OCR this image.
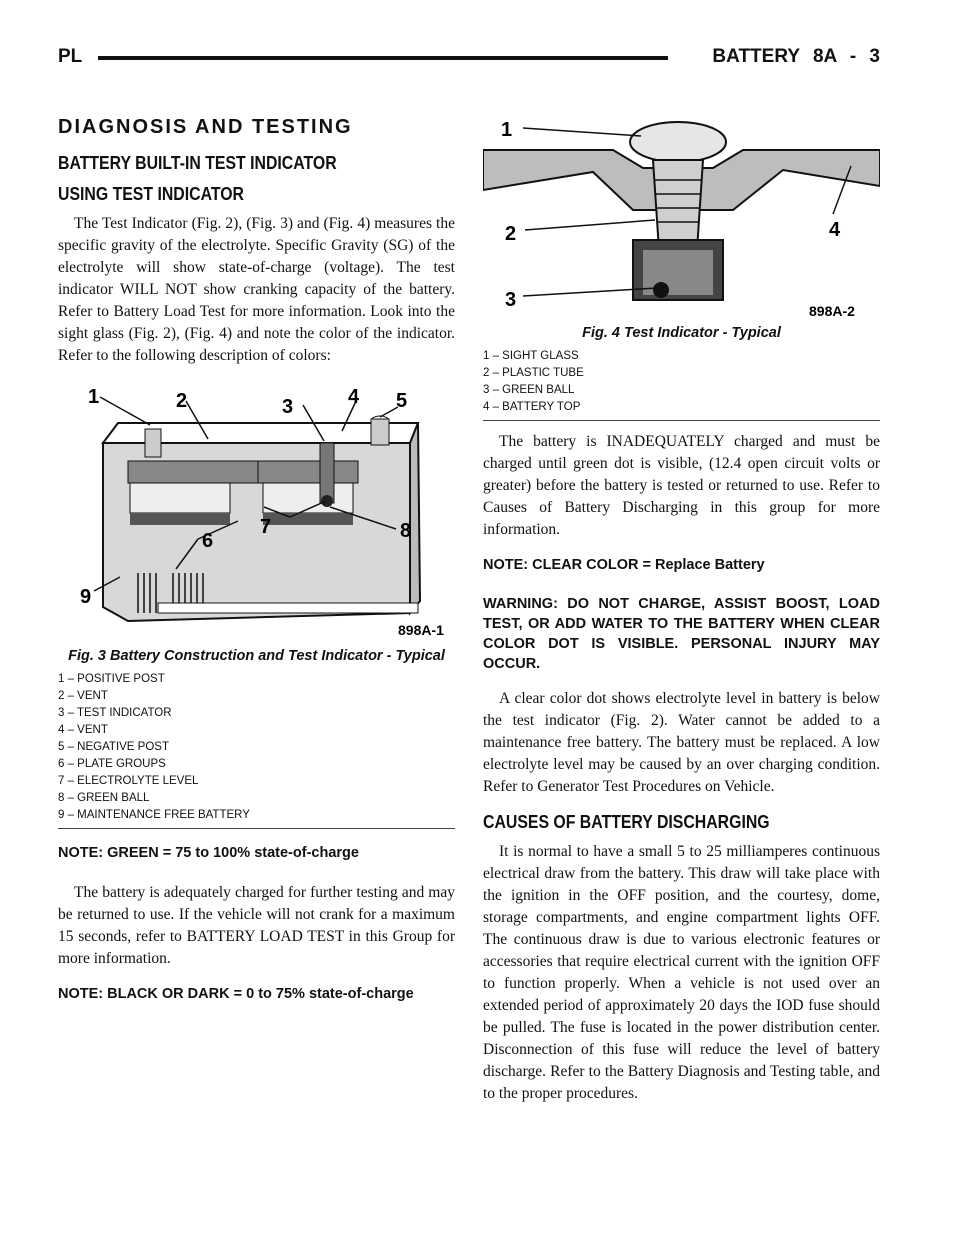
PL	BATTERY 8A - 3
DIAGNOSIS AND TESTING
BATTERY BUILT-IN TEST INDICATOR
USING TEST INDICATOR

The Test Indicator (Fig. 2), (Fig. 3) and (Fig. 4) measures the specific gravity of the electrolyte. Specific Gravity (SG) of the electrolyte will show state-of-charge (voltage). The test indicator WILL NOT show cranking capacity of the battery. Refer to Battery Load Test for more information. Look into the sight glass (Fig. 2), (Fig. 4) and note the color of the indicator. Refer to the following description of colors:

1	2	3	4 5
6
7	8
9
898A-1
Fig. 3 Battery Construction and Test Indicator - Typical
1 – POSITIVE POST
2 – VENT
3 – TEST INDICATOR
4 – VENT
5 – NEGATIVE POST
6 – PLATE GROUPS
7 – ELECTROLYTE LEVEL
8 – GREEN BALL
9 – MAINTENANCE FREE BATTERY

NOTE: GREEN = 75 to 100% state-of-charge

The battery is adequately charged for further testing and may be returned to use. If the vehicle will not crank for a maximum 15 seconds, refer to BATTERY LOAD TEST in this Group for more information.

NOTE: BLACK OR DARK = 0 to 75% state-of-charge

1
2
3
4
898A-2
Fig. 4 Test Indicator - Typical
1 – SIGHT GLASS
2 – PLASTIC TUBE
3 – GREEN BALL
4 – BATTERY TOP

The battery is INADEQUATELY charged and must be charged until green dot is visible, (12.4 open circuit volts or greater) before the battery is tested or returned to use. Refer to Causes of Battery Discharging in this group for more information.

NOTE: CLEAR COLOR = Replace Battery

WARNING: DO NOT CHARGE, ASSIST BOOST, LOAD TEST, OR ADD WATER TO THE BATTERY WHEN CLEAR COLOR DOT IS VISIBLE. PERSONAL INJURY MAY OCCUR.

A clear color dot shows electrolyte level in battery is below the test indicator (Fig. 2). Water cannot be added to a maintenance free battery. The battery must be replaced. A low electrolyte level may be caused by an over charging condition. Refer to Generator Test Procedures on Vehicle.

CAUSES OF BATTERY DISCHARGING

It is normal to have a small 5 to 25 milliamperes continuous electrical draw from the battery. This draw will take place with the ignition in the OFF position, and the courtesy, dome, storage compartments, and engine compartment lights OFF. The continuous draw is due to various electronic features or accessories that require electrical current with the ignition OFF to function properly. When a vehicle is not used over an extended period of approximately 20 days the IOD fuse should be pulled. The fuse is located in the power distribution center. Disconnection of this fuse will reduce the level of battery discharge. Refer to the Battery Diagnosis and Testing table, and to the proper procedures.
